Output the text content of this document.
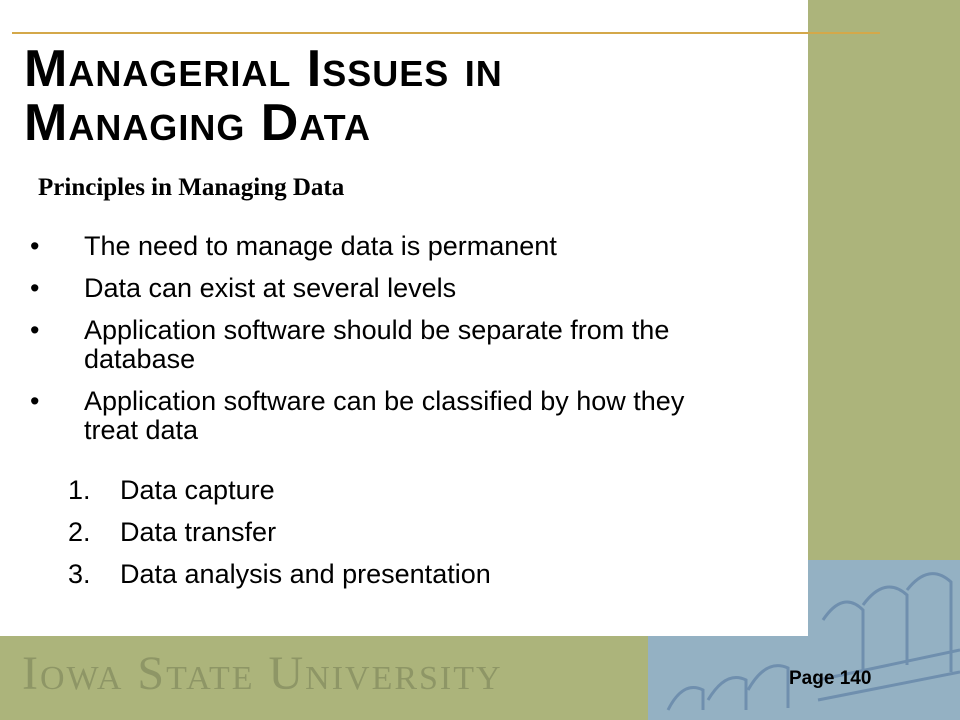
Managerial Issues in
Managing Data

Principles in Managing Data

• The need to manage data is permanent
• Data can exist at several levels
• Application software should be separate from the database
• Application software can be classified by how they treat data
1.	Data capture
2.	Data transfer
3.	Data analysis and presentation
Iowa State University	Page 140
